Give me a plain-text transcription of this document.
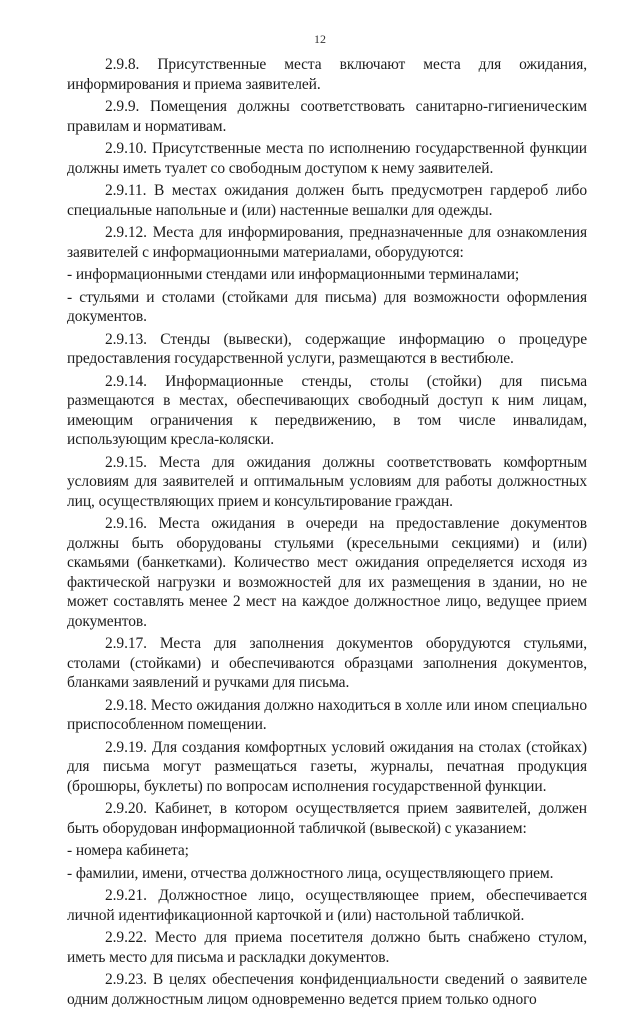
12

2.9.8. Присутственные места включают места для ожидания, информирования и приема заявителей.

2.9.9. Помещения должны соответствовать санитарно-гигиеническим правилам и нормативам.

2.9.10. Присутственные места по исполнению государственной функции должны иметь туалет со свободным доступом к нему заявителей.

2.9.11. В местах ожидания должен быть предусмотрен гардероб либо специальные напольные и (или) настенные вешалки для одежды.

2.9.12. Места для информирования, предназначенные для ознакомления заявителей с информационными материалами, оборудуются:

- информационными стендами или информационными терминалами;

- стульями и столами (стойками для письма) для возможности оформления документов.

2.9.13. Стенды (вывески), содержащие информацию о процедуре предоставления государственной услуги, размещаются в вестибюле.

2.9.14. Информационные стенды, столы (стойки) для письма размещаются в местах, обеспечивающих свободный доступ к ним лицам, имеющим ограничения к передвижению, в том числе инвалидам, использующим кресла-коляски.

2.9.15. Места для ожидания должны соответствовать комфортным условиям для заявителей и оптимальным условиям для работы должностных лиц, осуществляющих прием и консультирование граждан.

2.9.16. Места ожидания в очереди на предоставление документов должны быть оборудованы стульями (кресельными секциями) и (или) скамьями (банкетками). Количество мест ожидания определяется исходя из фактической нагрузки и возможностей для их размещения в здании, но не может составлять менее 2 мест на каждое должностное лицо, ведущее прием документов.

2.9.17. Места для заполнения документов оборудуются стульями, столами (стойками) и обеспечиваются образцами заполнения документов, бланками заявлений и ручками для письма.

2.9.18. Место ожидания должно находиться в холле или ином специально приспособленном помещении.

2.9.19. Для создания комфортных условий ожидания на столах (стойках) для письма могут размещаться газеты, журналы, печатная продукция (брошюры, буклеты) по вопросам исполнения государственной функции.

2.9.20. Кабинет, в котором осуществляется прием заявителей, должен быть оборудован информационной табличкой (вывеской) с указанием:

- номера кабинета;

- фамилии, имени, отчества должностного лица, осуществляющего прием.

2.9.21. Должностное лицо, осуществляющее прием, обеспечивается личной идентификационной карточкой и (или) настольной табличкой.

2.9.22. Место для приема посетителя должно быть снабжено стулом, иметь место для письма и раскладки документов.

2.9.23. В целях обеспечения конфиденциальности сведений о заявителе одним должностным лицом одновременно ведется прием только одного
